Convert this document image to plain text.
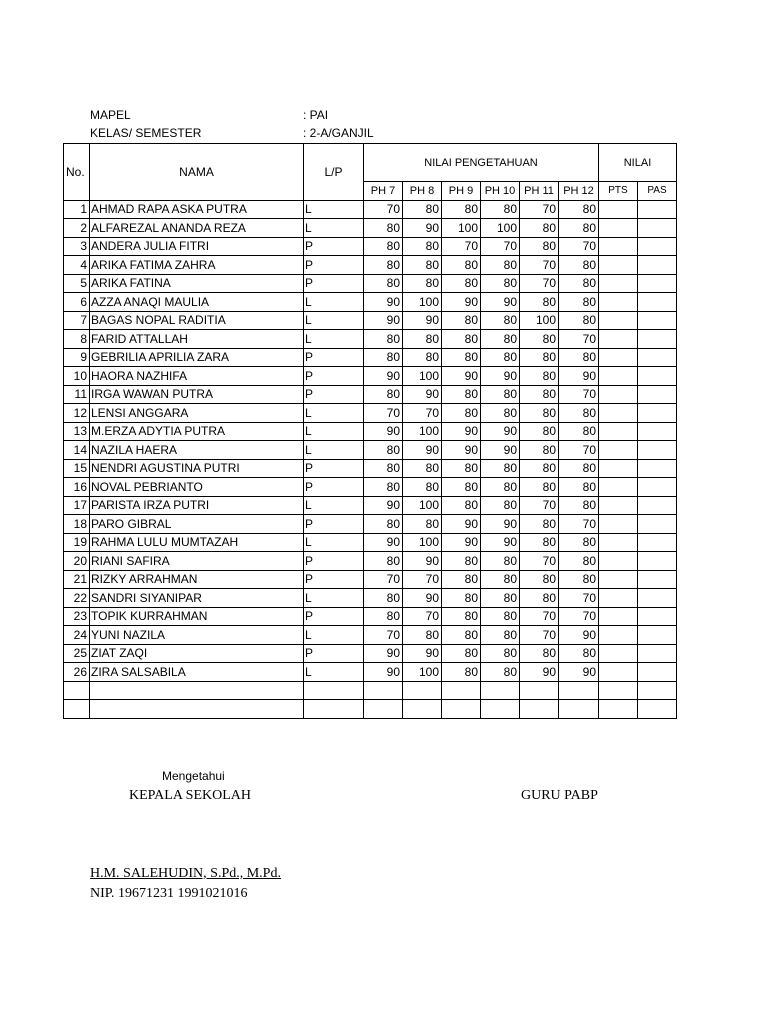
MAPEL	: PAI
KELAS/ SEMESTER	: 2-A/GANJIL
No.	NAMA	L/P	NILAI PENGETAHUAN						NILAI	
			PH 7	PH 8	PH 9	PH 10	PH 11	PH 12	PTS	PAS
1	AHMAD RAPA ASKA PUTRA	L	70	80	80	80	70	80		
2	ALFAREZAL ANANDA REZA	L	80	90	100	100	80	80		
3	ANDERA JULIA FITRI	P	80	80	70	70	80	70		
4	ARIKA FATIMA ZAHRA	P	80	80	80	80	70	80		
5	ARIKA FATINA	P	80	80	80	80	70	80		
6	AZZA ANAQI MAULIA	L	90	100	90	90	80	80		
7	BAGAS NOPAL RADITIA	L	90	90	80	80	100	80		
8	FARID ATTALLAH	L	80	80	80	80	80	70		
9	GEBRILIA APRILIA ZARA	P	80	80	80	80	80	80		
10	HAORA NAZHIFA	P	90	100	90	90	80	90		
11	IRGA WAWAN PUTRA	P	80	90	80	80	80	70		
12	LENSI ANGGARA	L	70	70	80	80	80	80		
13	M.ERZA ADYTIA PUTRA	L	90	100	90	90	80	80		
14	NAZILA HAERA	L	80	90	90	90	80	70		
15	NENDRI AGUSTINA PUTRI	P	80	80	80	80	80	80		
16	NOVAL PEBRIANTO	P	80	80	80	80	80	80		
17	PARISTA IRZA PUTRI	L	90	100	80	80	70	80		
18	PARO GIBRAL	P	80	80	90	90	80	70		
19	RAHMA LULU MUMTAZAH	L	90	100	90	90	80	80		
20	RIANI SAFIRA	P	80	90	80	80	70	80		
21	RIZKY ARRAHMAN	P	70	70	80	80	80	80		
22	SANDRI SIYANIPAR	L	80	90	80	80	80	70		
23	TOPIK KURRAHMAN	P	80	70	80	80	70	70		
24	YUNI NAZILA	L	70	80	80	80	70	90		
25	ZIAT ZAQI	P	90	90	80	80	80	80		
26	ZIRA SALSABILA	L	90	100	80	80	90	90		

Mengetahui
KEPALA SEKOLAH	GURU PABP
H.M. SALEHUDIN, S.Pd., M.Pd.
NIP. 19671231 1991021016
